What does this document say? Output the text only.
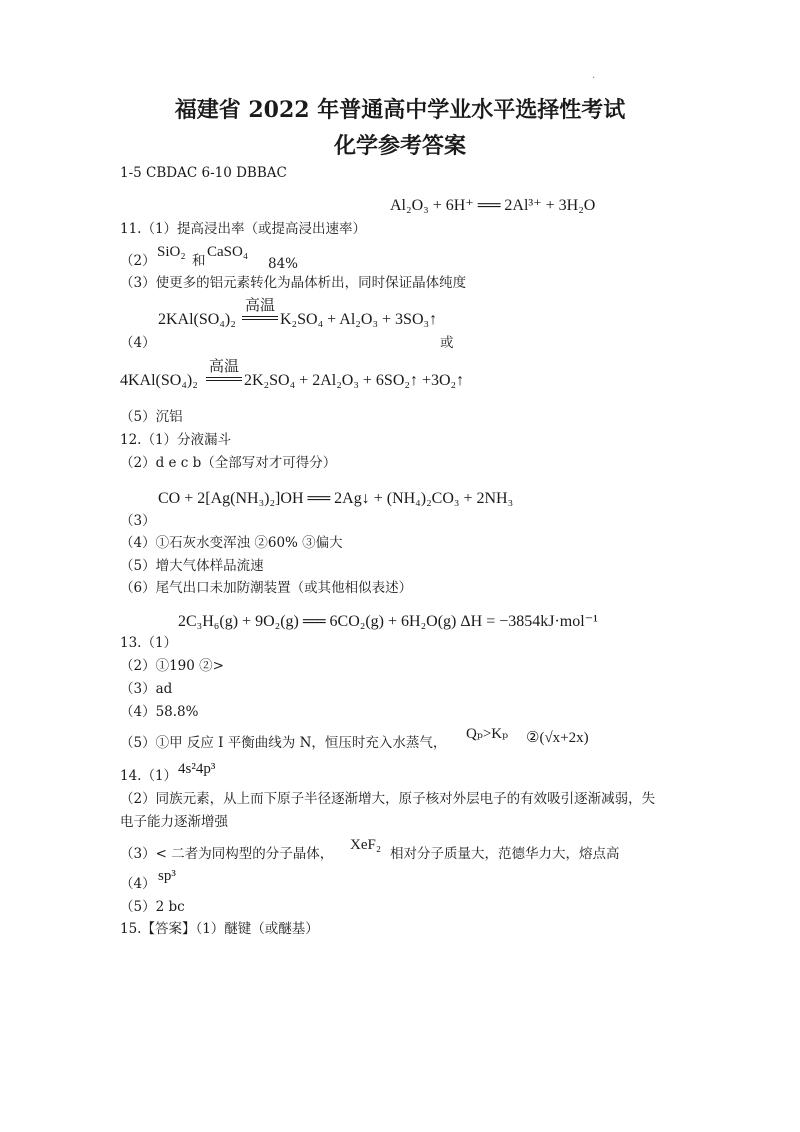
.
福建省 2022 年普通高中学业水平选择性考试
化学参考答案
1-5 CBDAC 6-10 DBBAC
Al₂O₃ + 6H⁺ ══ 2Al³⁺ + 3H₂O
11.（1）提高浸出率（或提高浸出速率）
（2）
SiO₂
和
CaSO₄
84%
（3）使更多的铝元素转化为晶体析出，同时保证晶体纯度
2KAl(SO₄)₂
高温
K₂SO₄ + Al₂O₃ + 3SO₃↑
（4）	或
4KAl(SO₄)₂
高温
2K₂SO₄ + 2Al₂O₃ + 6SO₂↑ +3O₂↑
（5）沉铝
12.（1）分液漏斗
（2）d e c b（全部写对才可得分）
CO + 2[Ag(NH₃)₂]OH ══ 2Ag↓ + (NH₄)₂CO₃ + 2NH₃
（3）
（4）①石灰水变浑浊 ②60% ③偏大
（5）增大气体样品流速
（6）尾气出口未加防潮装置（或其他相似表述）
2C₃H₆(g) + 9O₂(g) ══ 6CO₂(g) + 6H₂O(g) ΔH = −3854kJ·mol⁻¹
13.（1）
（2）①190 ②>
（3）ad
（4）58.8%
（5）①甲 反应 I 平衡曲线为 N，恒压时充入水蒸气，
Qₚ>Kₚ ②(√x+2x)
14.（1） 4s²4p³
（2）同族元素，从上而下原子半径逐渐增大，原子核对外层电子的有效吸引逐渐减弱，失
电子能力逐渐增强
（3）< 二者为同构型的分子晶体，
XeF₂
相对分子质量大，范德华力大，熔点高
（4） sp³
（5）2 bc
15.【答案】（1）醚键（或醚基）
